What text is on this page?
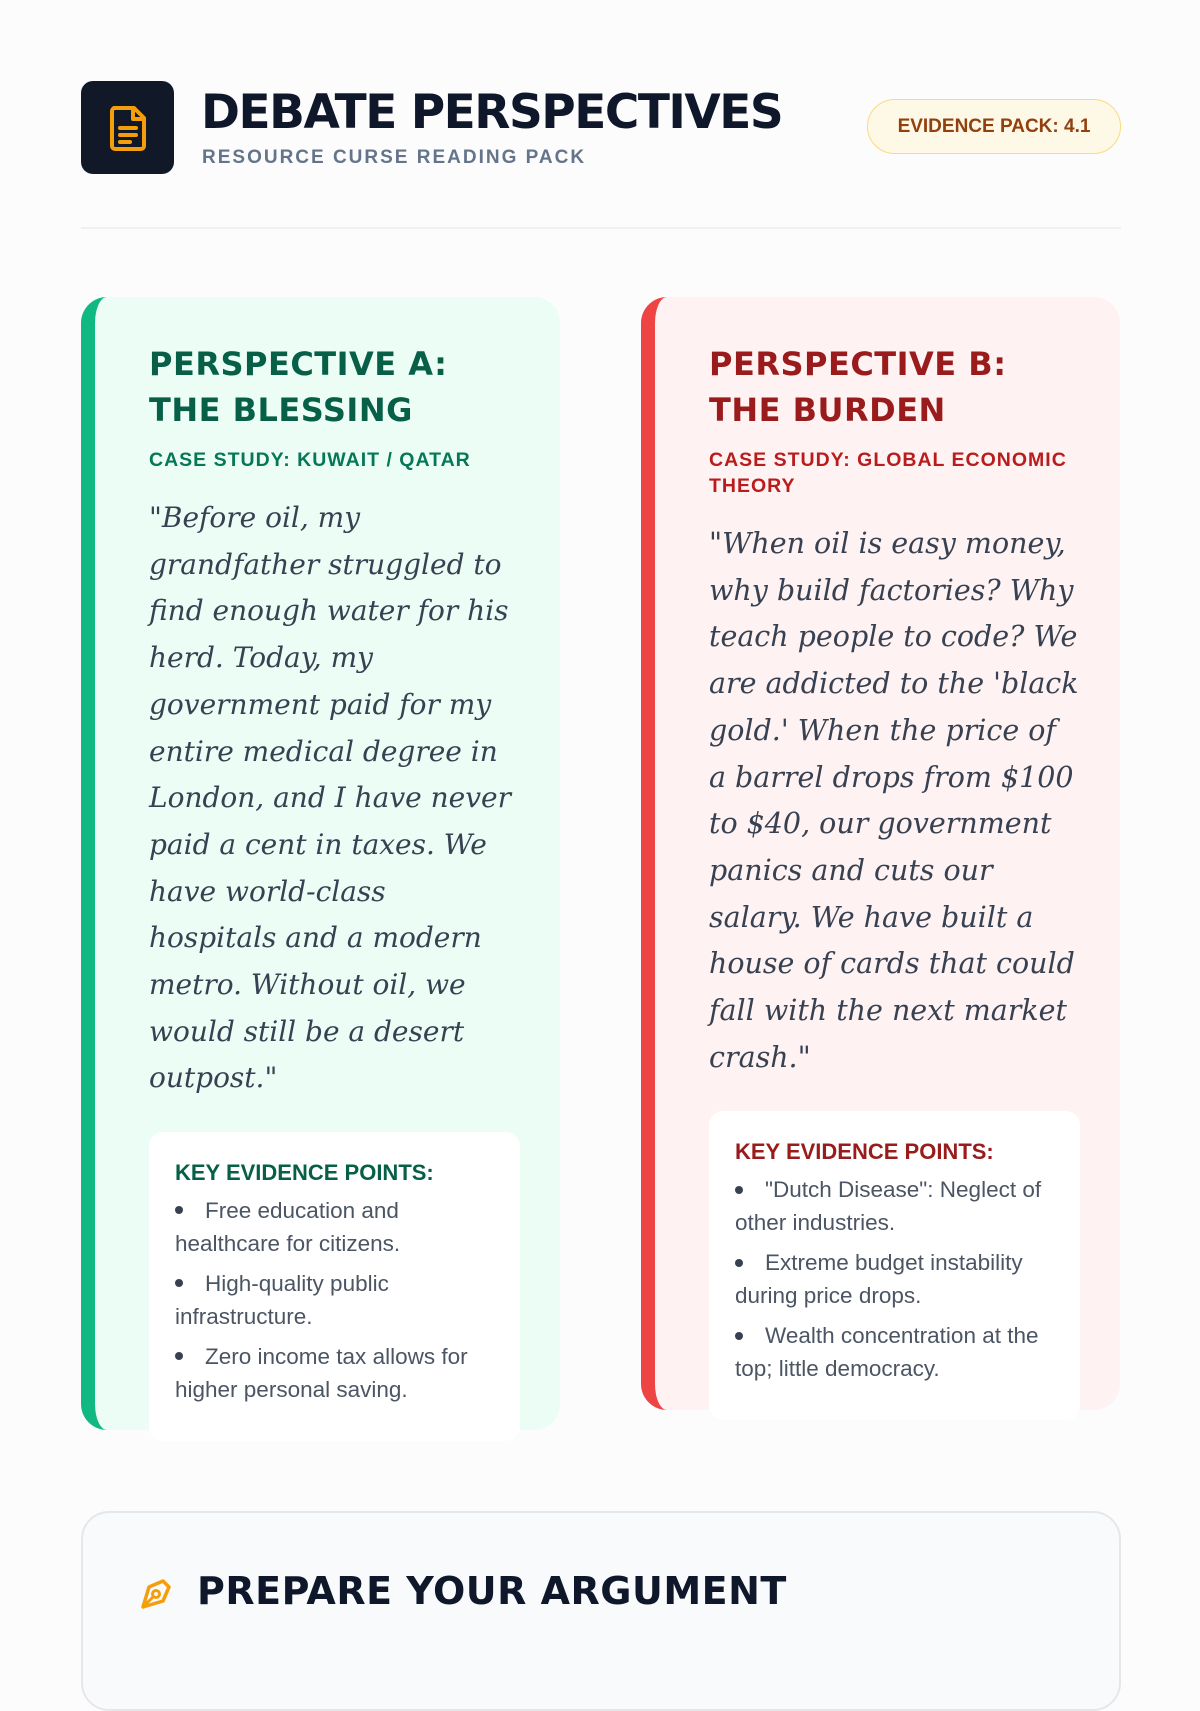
DEBATE PERSPECTIVES
RESOURCE CURSE READING PACK
EVIDENCE PACK: 4.1
PERSPECTIVE A: THE BLESSING
CASE STUDY: KUWAIT / QATAR
"Before oil, my grandfather struggled to find enough water for his herd. Today, my government paid for my entire medical degree in London, and I have never paid a cent in taxes. We have world-class hospitals and a modern metro. Without oil, we would still be a desert outpost."
KEY EVIDENCE POINTS:
Free education and healthcare for citizens.
High-quality public infrastructure.
Zero income tax allows for higher personal saving.
PERSPECTIVE B: THE BURDEN
CASE STUDY: GLOBAL ECONOMIC THEORY
"When oil is easy money, why build factories? Why teach people to code? We are addicted to the 'black gold.' When the price of a barrel drops from $100 to $40, our government panics and cuts our salary. We have built a house of cards that could fall with the next market crash."
KEY EVIDENCE POINTS:
"Dutch Disease": Neglect of other industries.
Extreme budget instability during price drops.
Wealth concentration at the top; little democracy.
PREPARE YOUR ARGUMENT
